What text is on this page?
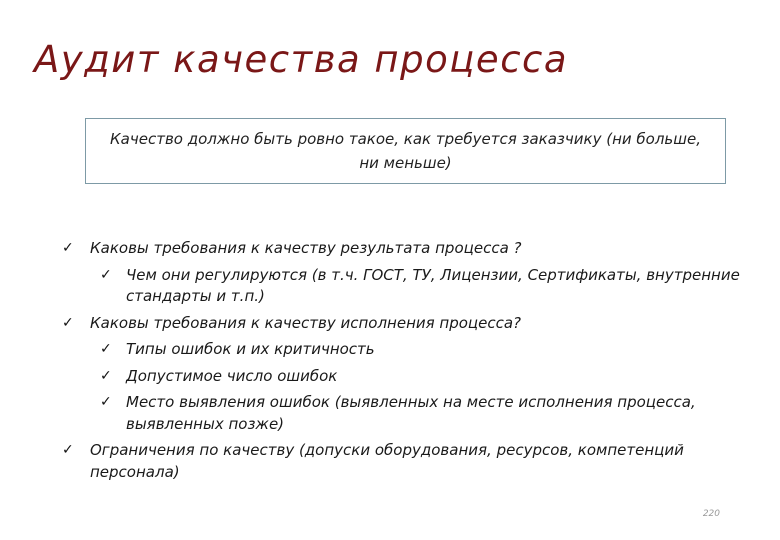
Аудит качества процесса
Качество должно быть ровно такое, как требуется заказчику (ни больше, ни меньше)
✓ Каковы требования к качеству результата процесса ?
✓ Чем они регулируются (в т.ч. ГОСТ, ТУ, Лицензии, Сертификаты, внутренние стандарты и т.п.)
✓ Каковы требования к качеству исполнения процесса?
✓ Типы ошибок и их критичность
✓ Допустимое число ошибок
✓ Место выявления ошибок (выявленных на месте исполнения процесса, выявленных позже)
✓ Ограничения по качеству (допуски оборудования, ресурсов, компетенций персонала)
220
